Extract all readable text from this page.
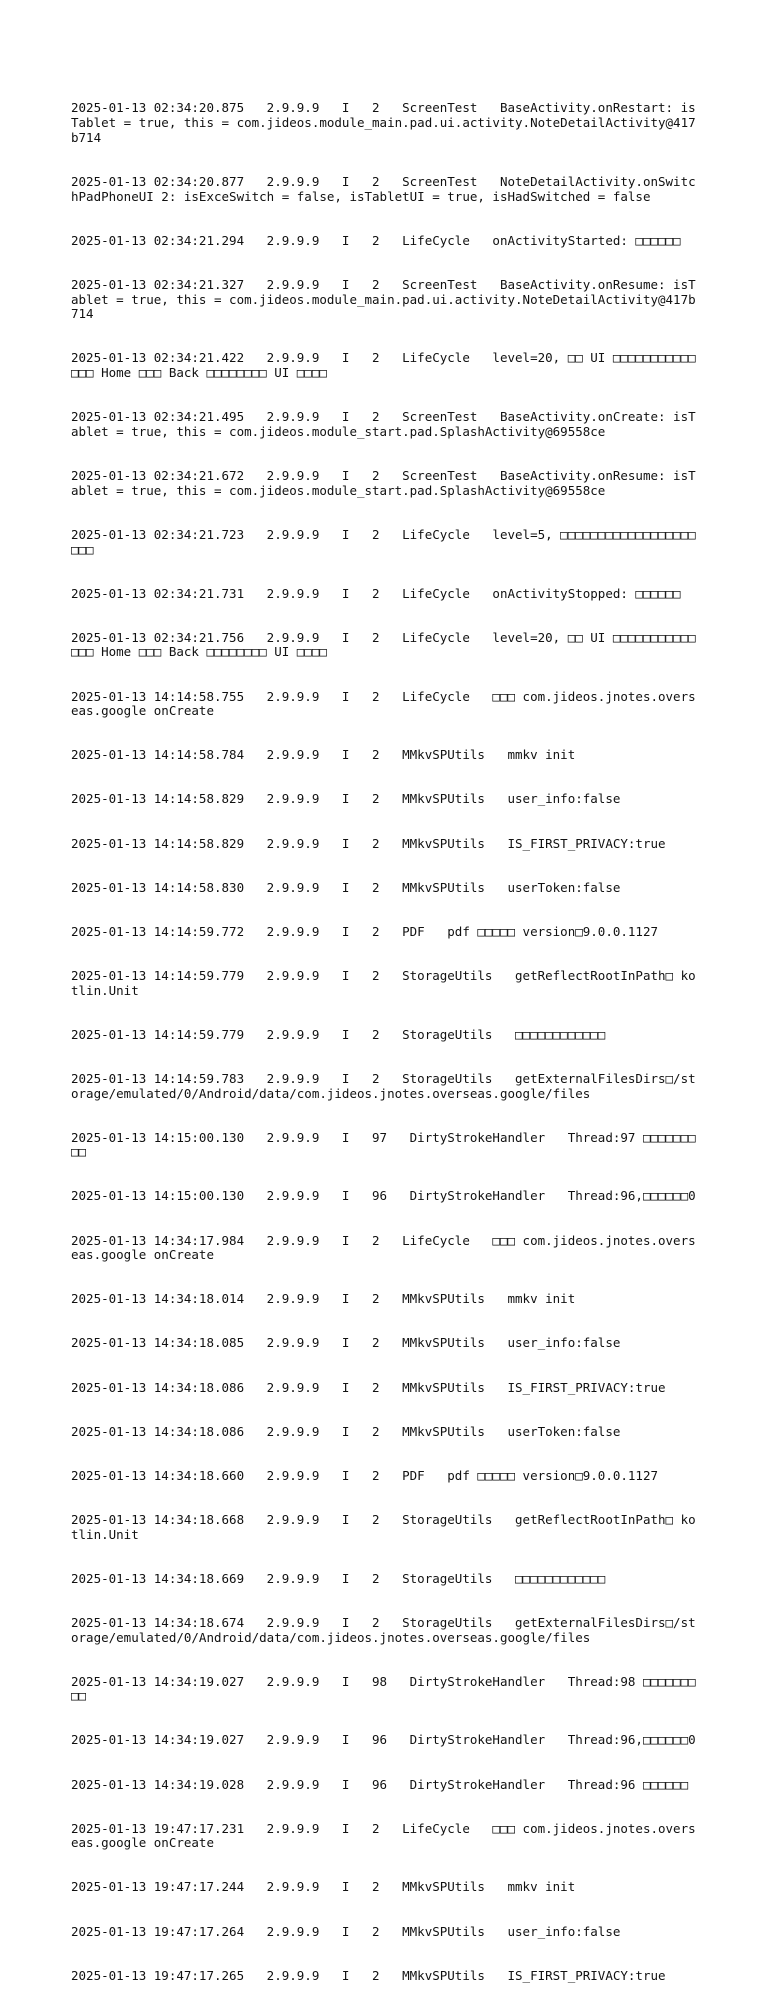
2025-01-13 02:34:20.875   2.9.9.9   I   2   ScreenTest   BaseActivity.onRestart: isTablet = true, this = com.jideos.module_main.pad.ui.activity.NoteDetailActivity@417b714

2025-01-13 02:34:20.877   2.9.9.9   I   2   ScreenTest   NoteDetailActivity.onSwitchPadPhoneUI 2: isExceSwitch = false, isTabletUI = true, isHadSwitched = false

2025-01-13 02:34:21.294   2.9.9.9   I   2   LifeCycle   onActivityStarted: □□□□□□

2025-01-13 02:34:21.327   2.9.9.9   I   2   ScreenTest   BaseActivity.onResume: isTablet = true, this = com.jideos.module_main.pad.ui.activity.NoteDetailActivity@417b714

2025-01-13 02:34:21.422   2.9.9.9   I   2   LifeCycle   level=20, □□ UI □□□□□□□□□□□□□□ Home □□□ Back □□□□□□□□ UI □□□□

2025-01-13 02:34:21.495   2.9.9.9   I   2   ScreenTest   BaseActivity.onCreate: isTablet = true, this = com.jideos.module_start.pad.SplashActivity@69558ce

2025-01-13 02:34:21.672   2.9.9.9   I   2   ScreenTest   BaseActivity.onResume: isTablet = true, this = com.jideos.module_start.pad.SplashActivity@69558ce

2025-01-13 02:34:21.723   2.9.9.9   I   2   LifeCycle   level=5, □□□□□□□□□□□□□□□□□□□□□

2025-01-13 02:34:21.731   2.9.9.9   I   2   LifeCycle   onActivityStopped: □□□□□□

2025-01-13 02:34:21.756   2.9.9.9   I   2   LifeCycle   level=20, □□ UI □□□□□□□□□□□□□□ Home □□□ Back □□□□□□□□ UI □□□□

2025-01-13 14:14:58.755   2.9.9.9   I   2   LifeCycle   □□□ com.jideos.jnotes.overseas.google onCreate

2025-01-13 14:14:58.784   2.9.9.9   I   2   MMkvSPUtils   mmkv init

2025-01-13 14:14:58.829   2.9.9.9   I   2   MMkvSPUtils   user_info:false

2025-01-13 14:14:58.829   2.9.9.9   I   2   MMkvSPUtils   IS_FIRST_PRIVACY:true

2025-01-13 14:14:58.830   2.9.9.9   I   2   MMkvSPUtils   userToken:false

2025-01-13 14:14:59.772   2.9.9.9   I   2   PDF   pdf □□□□□ version□9.0.0.1127

2025-01-13 14:14:59.779   2.9.9.9   I   2   StorageUtils   getReflectRootInPath□ kotlin.Unit

2025-01-13 14:14:59.779   2.9.9.9   I   2   StorageUtils   □□□□□□□□□□□□

2025-01-13 14:14:59.783   2.9.9.9   I   2   StorageUtils   getExternalFilesDirs□/storage/emulated/0/Android/data/com.jideos.jnotes.overseas.google/files

2025-01-13 14:15:00.130   2.9.9.9   I   97   DirtyStrokeHandler   Thread:97 □□□□□□□□□

2025-01-13 14:15:00.130   2.9.9.9   I   96   DirtyStrokeHandler   Thread:96,□□□□□□0

2025-01-13 14:34:17.984   2.9.9.9   I   2   LifeCycle   □□□ com.jideos.jnotes.overseas.google onCreate

2025-01-13 14:34:18.014   2.9.9.9   I   2   MMkvSPUtils   mmkv init

2025-01-13 14:34:18.085   2.9.9.9   I   2   MMkvSPUtils   user_info:false

2025-01-13 14:34:18.086   2.9.9.9   I   2   MMkvSPUtils   IS_FIRST_PRIVACY:true

2025-01-13 14:34:18.086   2.9.9.9   I   2   MMkvSPUtils   userToken:false

2025-01-13 14:34:18.660   2.9.9.9   I   2   PDF   pdf □□□□□ version□9.0.0.1127

2025-01-13 14:34:18.668   2.9.9.9   I   2   StorageUtils   getReflectRootInPath□ kotlin.Unit

2025-01-13 14:34:18.669   2.9.9.9   I   2   StorageUtils   □□□□□□□□□□□□

2025-01-13 14:34:18.674   2.9.9.9   I   2   StorageUtils   getExternalFilesDirs□/storage/emulated/0/Android/data/com.jideos.jnotes.overseas.google/files

2025-01-13 14:34:19.027   2.9.9.9   I   98   DirtyStrokeHandler   Thread:98 □□□□□□□□□

2025-01-13 14:34:19.027   2.9.9.9   I   96   DirtyStrokeHandler   Thread:96,□□□□□□0

2025-01-13 14:34:19.028   2.9.9.9   I   96   DirtyStrokeHandler   Thread:96 □□□□□□

2025-01-13 19:47:17.231   2.9.9.9   I   2   LifeCycle   □□□ com.jideos.jnotes.overseas.google onCreate

2025-01-13 19:47:17.244   2.9.9.9   I   2   MMkvSPUtils   mmkv init

2025-01-13 19:47:17.264   2.9.9.9   I   2   MMkvSPUtils   user_info:false

2025-01-13 19:47:17.265   2.9.9.9   I   2   MMkvSPUtils   IS_FIRST_PRIVACY:true
